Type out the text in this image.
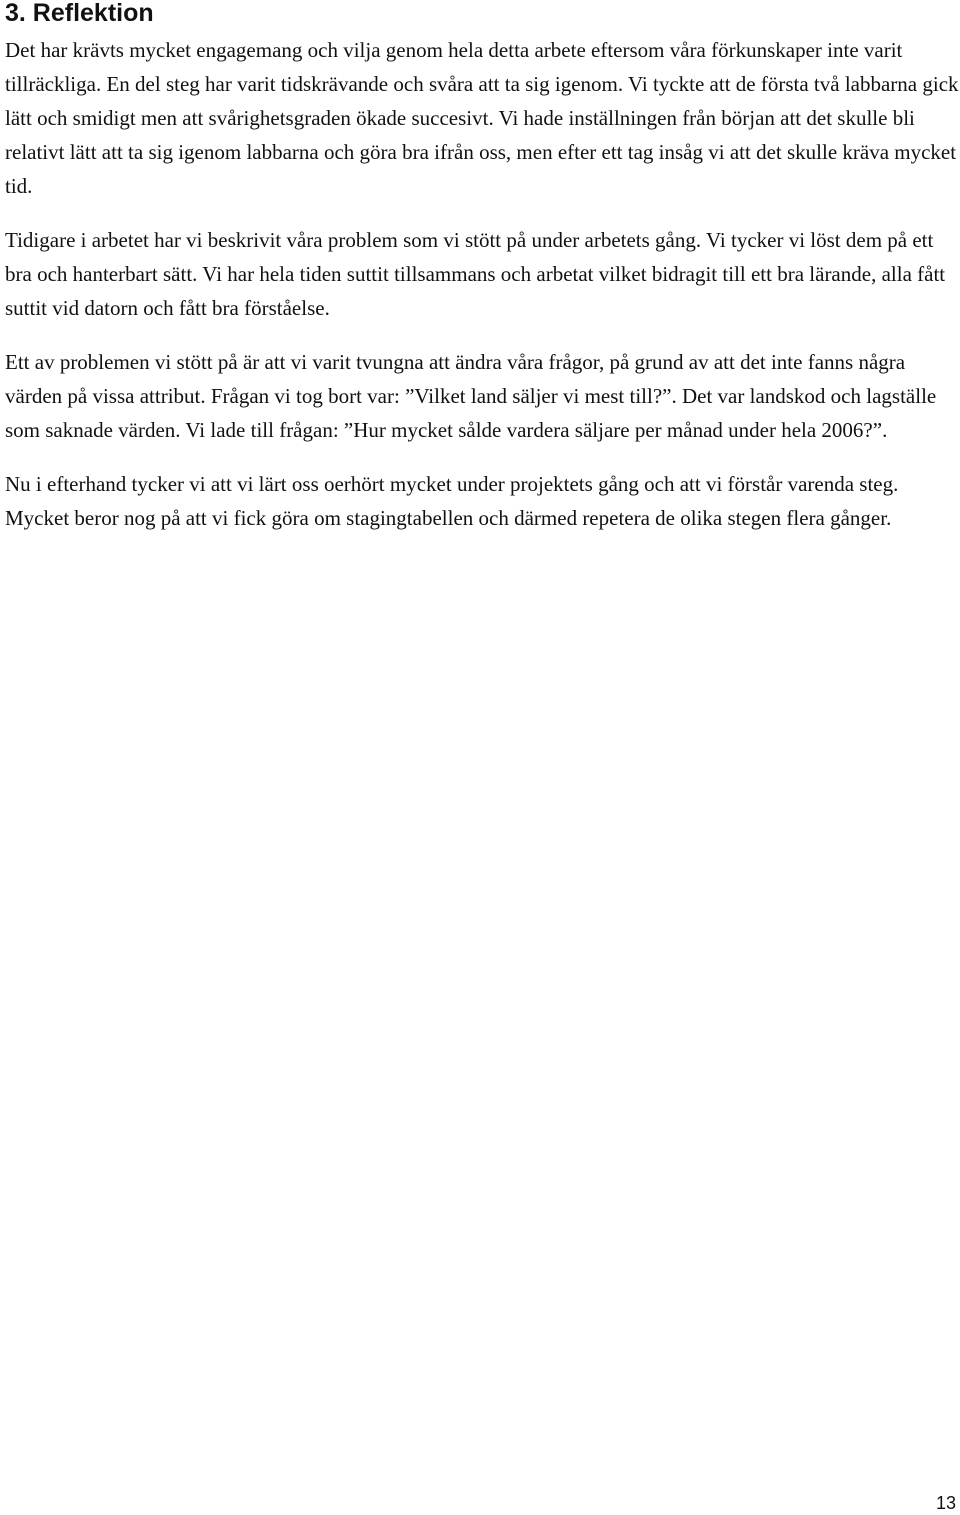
3. Reflektion

Det har krävts mycket engagemang och vilja genom hela detta arbete eftersom våra förkunskaper inte varit tillräckliga. En del steg har varit tidskrävande och svåra att ta sig igenom. Vi tyckte att de första två labbarna gick lätt och smidigt men att svårighetsgraden ökade succesivt. Vi hade inställningen från början att det skulle bli relativt lätt att ta sig igenom labbarna och göra bra ifrån oss, men efter ett tag insåg vi att det skulle kräva mycket tid.

Tidigare i arbetet har vi beskrivit våra problem som vi stött på under arbetets gång. Vi tycker vi löst dem på ett bra och hanterbart sätt. Vi har hela tiden suttit tillsammans och arbetat vilket bidragit till ett bra lärande, alla fått suttit vid datorn och fått bra förståelse.

Ett av problemen vi stött på är att vi varit tvungna att ändra våra frågor, på grund av att det inte fanns några värden på vissa attribut. Frågan vi tog bort var: ”Vilket land säljer vi mest till?”. Det var landskod och lagställe som saknade värden. Vi lade till frågan: ”Hur mycket sålde vardera säljare per månad under hela 2006?”.

Nu i efterhand tycker vi att vi lärt oss oerhört mycket under projektets gång och att vi förstår varenda steg. Mycket beror nog på att vi fick göra om stagingtabellen och därmed repetera de olika stegen flera gånger.

13
